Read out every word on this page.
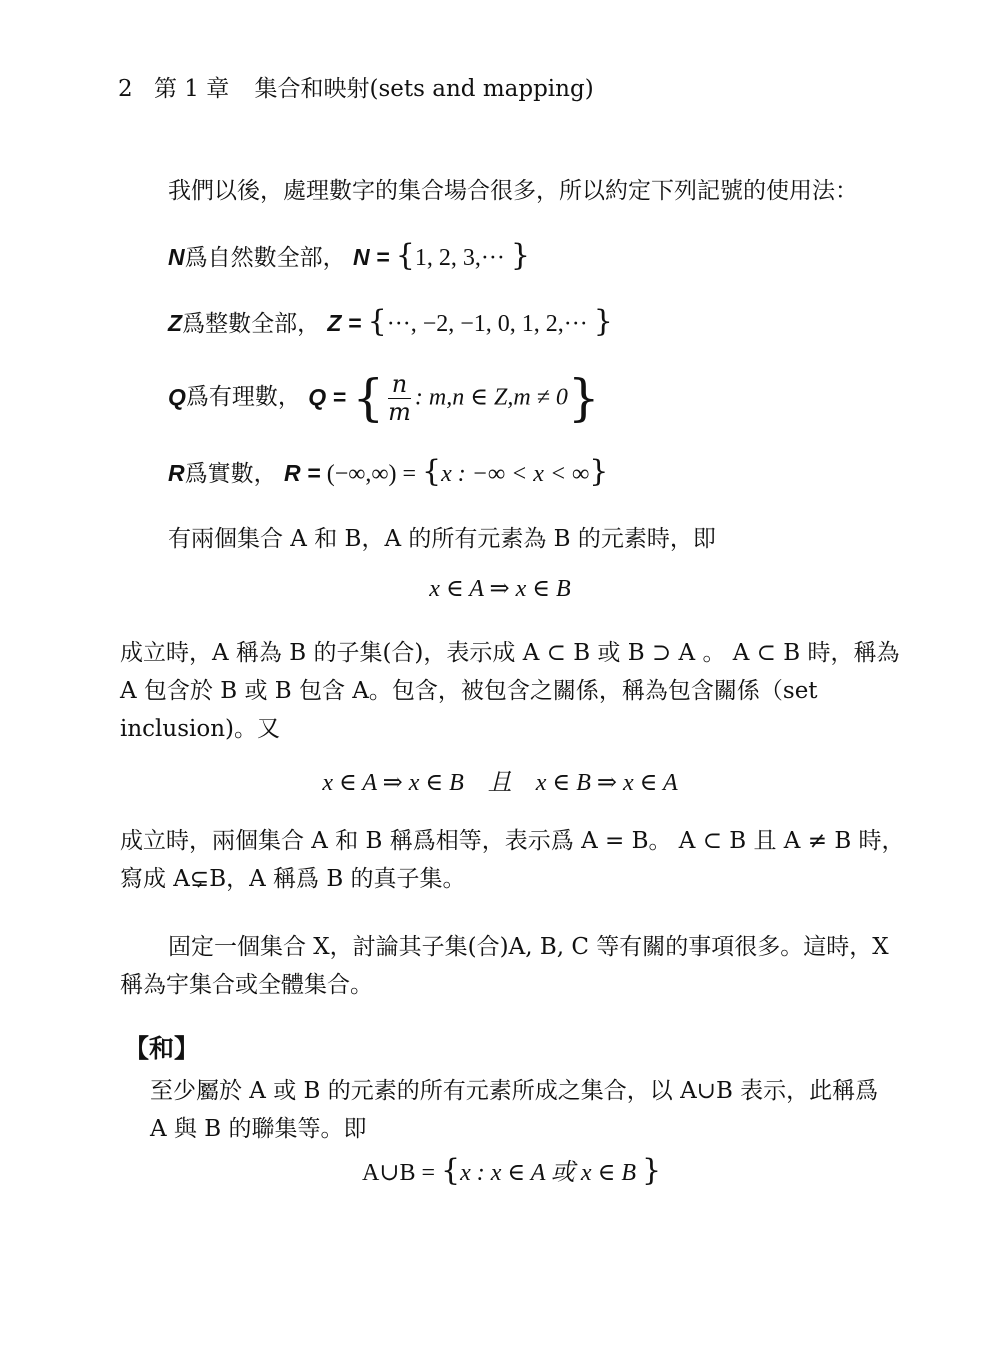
2 第 1 章 集合和映射(sets and mapping)
我們以後，處理數字的集合場合很多，所以約定下列記號的使用法：
N爲自然數全部， N = {1, 2, 3,··· }
Z爲整數全部， Z = {···, −2, −1, 0, 1, 2,··· }
Q爲有理數， Q = { $\frac{n}{m}$ : m,n ∈ Z,m ≠ 0}
R爲實數， R = (−∞,∞) = {x : −∞ < x < ∞}
有兩個集合 A 和 B，A 的所有元素為 B 的元素時，即
x ∈ A ⇒ x ∈ B
成立時，A 稱為 B 的子集(合)，表示成 A ⊂ B 或 B ⊃ A 。 A ⊂ B 時，稱為
A 包含於 B 或 B 包含 A。包含，被包含之關係，稱為包含關係（set
inclusion)。又
x ∈ A ⇒ x ∈ B　且　x ∈ B ⇒ x ∈ A
成立時，兩個集合 A 和 B 稱爲相等，表示爲 A = B。 A ⊂ B 且 A ≠ B 時，
寫成 A⊊B，A 稱爲 B 的真子集。
固定一個集合 X，討論其子集(合)A, B, C 等有關的事項很多。這時，X
稱為宇集合或全體集合。
【和】
至少屬於 A 或 B 的元素的所有元素所成之集合，以 A∪B 表示，此稱爲
A 與 B 的聯集等。即
A∪B = {x : x ∈ A 或 x ∈ B }
